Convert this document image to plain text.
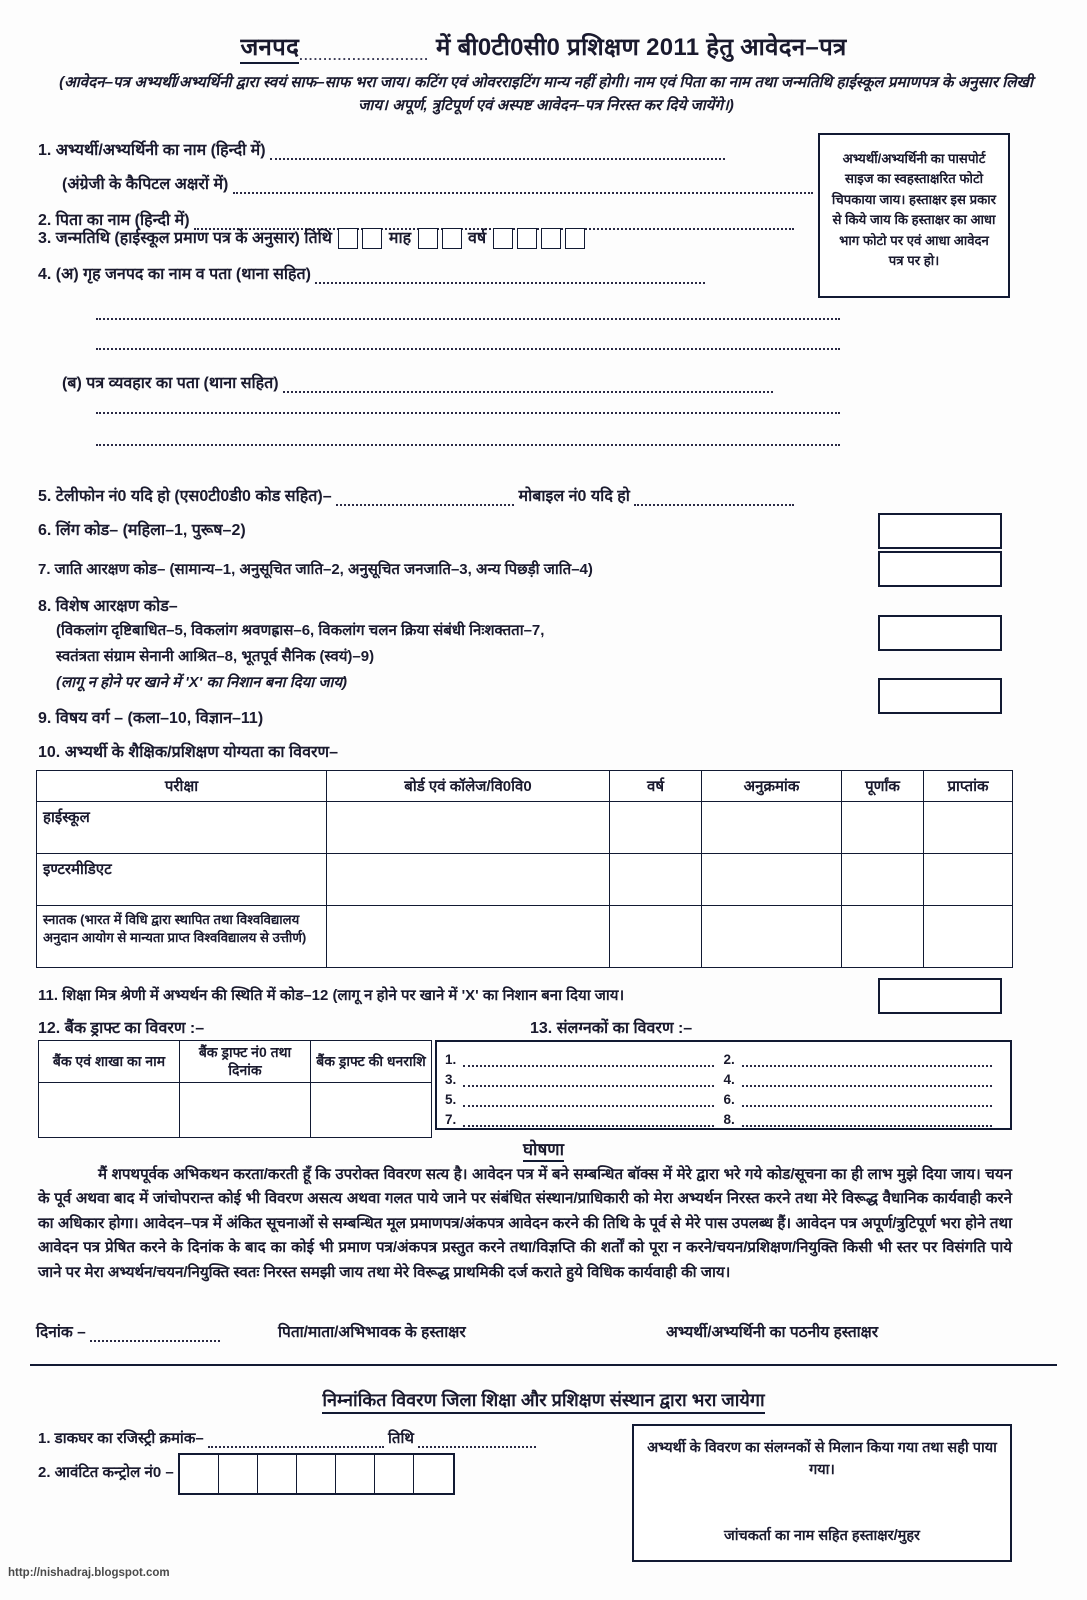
जनपद........................... में बी0टी0सी0 प्रशिक्षण 2011 हेतु आवेदन–पत्र
(आवेदन–पत्र अभ्यर्थी/अभ्यर्थिनी द्वारा स्वयं साफ–साफ भरा जाय। कटिंग एवं ओवरराइटिंग मान्य नहीं होगी। नाम एवं पिता का नाम तथा जन्मतिथि हाईस्कूल प्रमाणपत्र के अनुसार लिखी जाय। अपूर्ण, त्रुटिपूर्ण एवं अस्पष्ट आवेदन–पत्र निरस्त कर दिये जायेंगे।)
अभ्यर्थी/अभ्यर्थिनी का पासपोर्ट साइज का स्वहस्ताक्षरित फोटो चिपकाया जाय। हस्ताक्षर इस प्रकार से किये जाय कि हस्ताक्षर का आधा भाग फोटो पर एवं आधा आवेदन पत्र पर हो।
1. अभ्यर्थी/अभ्यर्थिनी का नाम (हिन्दी में)
(अंग्रेजी के कैपिटल अक्षरों में)
2. पिता का नाम (हिन्दी में)
3. जन्मतिथि (हाईस्कूल प्रमाण पत्र के अनुसार) तिथि	माह	वर्ष
4. (अ) गृह जनपद का नाम व पता (थाना सहित)
(ब) पत्र व्यवहार का पता (थाना सहित)
5. टेलीफोन नं0 यदि हो (एस0टी0डी0 कोड सहित)–	मोबाइल नं0 यदि हो
6. लिंग कोड– (महिला–1, पुरूष–2)
7. जाति आरक्षण कोड– (सामान्य–1, अनुसूचित जाति–2, अनुसूचित जनजाति–3, अन्य पिछड़ी जाति–4)
8. विशेष आरक्षण कोड–
(विकलांग दृष्टिबाधित–5, विकलांग श्रवणह्रास–6, विकलांग चलन क्रिया संबंधी निःशक्तता–7,
स्वतंत्रता संग्राम सेनानी आश्रित–8, भूतपूर्व सैनिक (स्वयं)–9)
(लागू न होने पर खाने में 'X' का निशान बना दिया जाय)
9. विषय वर्ग – (कला–10, विज्ञान–11)
10. अभ्यर्थी के शैक्षिक/प्रशिक्षण योग्यता का विवरण–
परीक्षा	बोर्ड एवं कॉलेज/वि0वि0	वर्ष	अनुक्रमांक	पूर्णांक	प्राप्तांक
हाईस्कूल					
इण्टरमीडिएट					

स्नातक (भारत में विधि द्वारा स्थापित तथा विश्वविद्यालय अनुदान आयोग से मान्यता प्राप्त विश्वविद्यालय से उत्तीर्ण)					

11. शिक्षा मित्र श्रेणी में अभ्यर्थन की स्थिति में कोड–12 (लागू न होने पर खाने में 'X' का निशान बना दिया जाय।
12. बैंक ड्राफ्ट का विवरण :–
बैंक एवं शाखा का नाम	बैंक ड्राफ्ट नं0 तथा दिनांक	बैंक ड्राफ्ट की धनराशि

13. संलग्नकों का विवरण :–
1.	2.
3.	4.
5.	6.
7.	8.
घोषणा
मैं शपथपूर्वक अभिकथन करता/करती हूँ कि उपरोक्त विवरण सत्य है। आवेदन पत्र में बने सम्बन्धित बॉक्स में मेरे द्वारा भरे गये कोड/सूचना का ही लाभ मुझे दिया जाय। चयन के पूर्व अथवा बाद में जांचोपरान्त कोई भी विवरण असत्य अथवा गलत पाये जाने पर संबंधित संस्थान/प्राधिकारी को मेरा अभ्यर्थन निरस्त करने तथा मेरे विरूद्ध वैधानिक कार्यवाही करने का अधिकार होगा। आवेदन–पत्र में अंकित सूचनाओं से सम्बन्धित मूल प्रमाणपत्र/अंकपत्र आवेदन करने की तिथि के पूर्व से मेरे पास उपलब्ध हैं। आवेदन पत्र अपूर्ण/त्रुटिपूर्ण भरा होने तथा आवेदन पत्र प्रेषित करने के दिनांक के बाद का कोई भी प्रमाण पत्र/अंकपत्र प्रस्तुत करने तथा/विज्ञप्ति की शर्तों को पूरा न करने/चयन/प्रशिक्षण/नियुक्ति किसी भी स्तर पर विसंगति पाये जाने पर मेरा अभ्यर्थन/चयन/नियुक्ति स्वतः निरस्त समझी जाय तथा मेरे विरूद्ध प्राथमिकी दर्ज कराते हुये विधिक कार्यवाही की जाय।
दिनांक –	पिता/माता/अभिभावक के हस्ताक्षर	अभ्यर्थी/अभ्यर्थिनी का पठनीय हस्ताक्षर
निम्नांकित विवरण जिला शिक्षा और प्रशिक्षण संस्थान द्वारा भरा जायेगा
1. डाकघर का रजिस्ट्री क्रमांक–	तिथि
2. आवंटित कन्ट्रोल नं0 –
अभ्यर्थी के विवरण का संलग्नकों से मिलान किया गया तथा सही पाया गया।
जांचकर्ता का नाम सहित हस्ताक्षर/मुहर
http://nishadraj.blogspot.com
